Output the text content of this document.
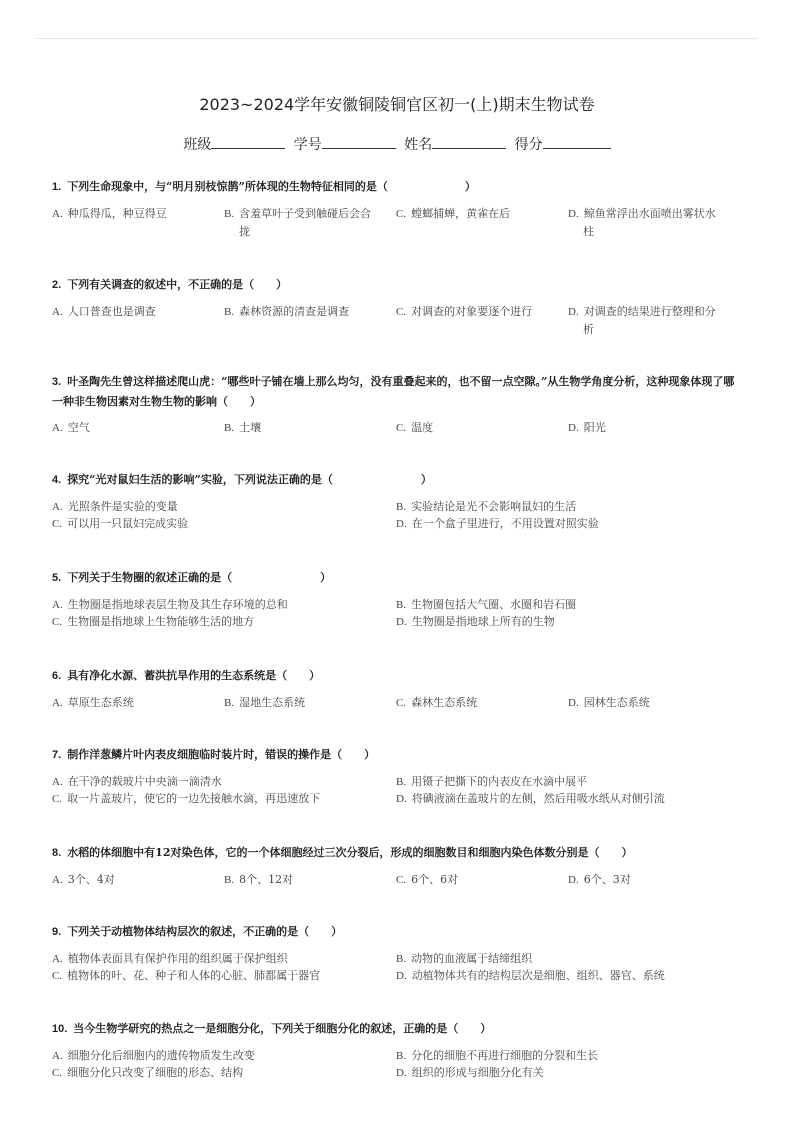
2023~2024学年安徽铜陵铜官区初一(上)期末生物试卷
班级	学号	姓名	得分
1. 下列生命现象中，与“明月别枝惊鹊”所体现的生物特征相同的是（　　　　　　　）
A. 种瓜得瓜，种豆得豆	B. 含羞草叶子受到触碰后会合
拢
C. 螳螂捕蝉，黄雀在后	D. 鲸鱼常浮出水面喷出雾状水
柱
2. 下列有关调查的叙述中，不正确的是（　　）
A. 人口普查也是调查	B. 森林资源的清查是调查	C. 对调查的对象要逐个进行	D. 对调查的结果进行整理和分
析
3. 叶圣陶先生曾这样描述爬山虎：“哪些叶子铺在墙上那么均匀，没有重叠起来的，也不留一点空隙。”从生物学角度分析，这种现象体现了哪一种非生物因素对生物生物的影响（　　）
A. 空气	B. 土壤	C. 温度	D. 阳光
4. 探究“光对鼠妇生活的影响”实验，下列说法正确的是（　　　　　　　　）
A. 光照条件是实验的变量	B. 实验结论是光不会影响鼠妇的生活
C. 可以用一只鼠妇完成实验	D. 在一个盒子里进行，不用设置对照实验
5. 下列关于生物圈的叙述正确的是（　　　　　　　　）
A. 生物圈是指地球表层生物及其生存环境的总和	B. 生物圈包括大气圈、水圈和岩石圈
C. 生物圈是指地球上生物能够生活的地方	D. 生物圈是指地球上所有的生物
6. 具有净化水源、蓄洪抗旱作用的生态系统是（　　）
A. 草原生态系统	B. 湿地生态系统	C. 森林生态系统	D. 园林生态系统
7. 制作洋葱鳞片叶内表皮细胞临时装片时，错误的操作是（　　）
A. 在干净的载玻片中央滴一滴清水	B. 用镊子把撕下的内表皮在水滴中展平
C. 取一片盖玻片，使它的一边先接触水滴，再迅速放下	D. 将碘液滴在盖玻片的左侧，然后用吸水纸从对侧引流
8. 水稻的体细胞中有12对染色体，它的一个体细胞经过三次分裂后，形成的细胞数目和细胞内染色体数分别是（　　）
A. 3个、4对	B. 8个、12对	C. 6个、6对	D. 6个、3对
9. 下列关于动植物体结构层次的叙述，不正确的是（　　）
A. 植物体表面具有保护作用的组织属于保护组织	B. 动物的血液属于结缔组织
C. 植物体的叶、花、种子和人体的心脏、肺都属于器官	D. 动植物体共有的结构层次是细胞、组织、器官、系统
10. 当今生物学研究的热点之一是细胞分化，下列关于细胞分化的叙述，正确的是（　　）
A. 细胞分化后细胞内的遗传物质发生改变	B. 分化的细胞不再进行细胞的分裂和生长
C. 细胞分化只改变了细胞的形态、结构	D. 组织的形成与细胞分化有关
